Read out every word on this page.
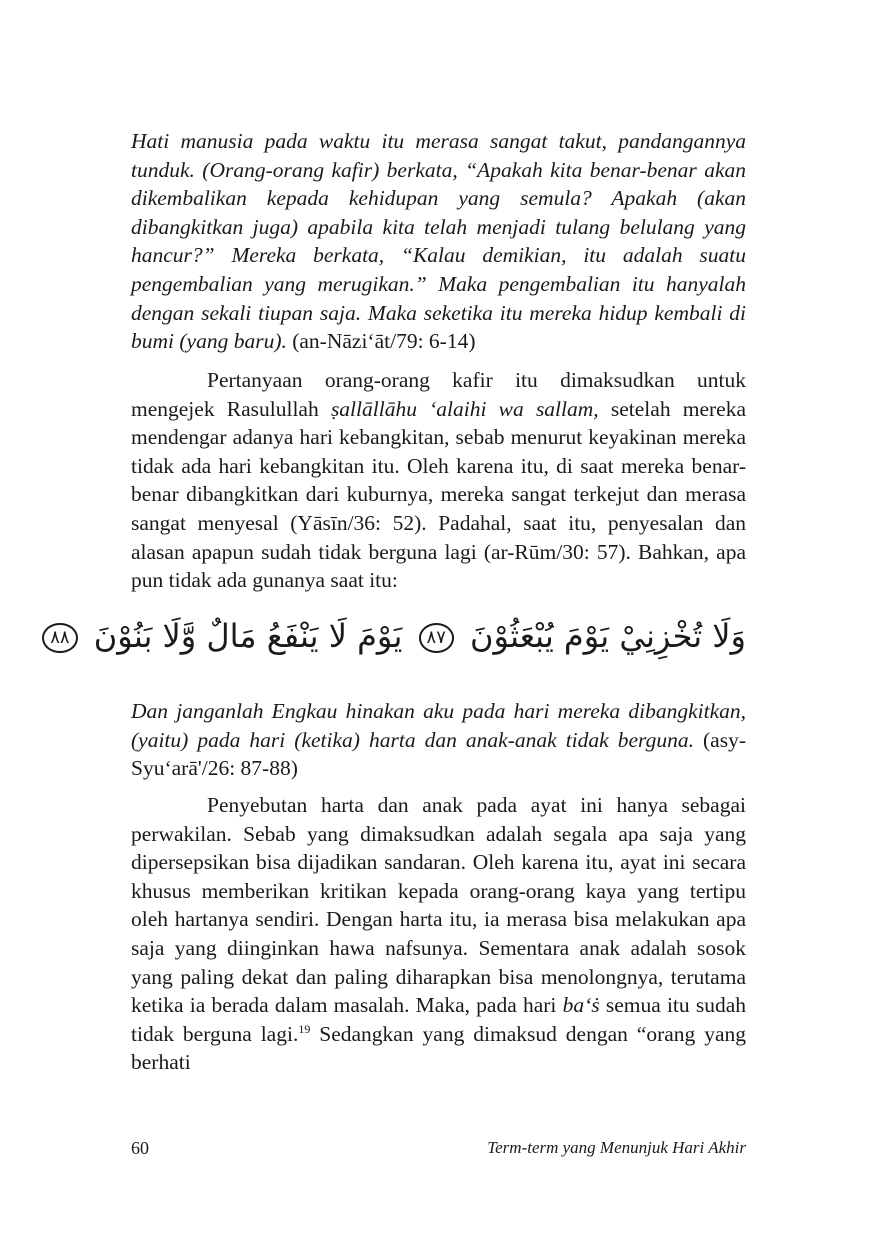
Hati manusia pada waktu itu merasa sangat takut, pandangannya tunduk. (Orang-orang kafir) berkata, “Apakah kita benar-benar akan dikembalikan kepada kehidupan yang semula? Apakah (akan dibangkitkan juga) apabila kita telah menjadi tulang belulang yang hancur?” Mereka berkata, “Kalau demikian, itu adalah suatu pengembalian yang merugikan.” Maka pengembalian itu hanyalah dengan sekali tiupan saja. Maka seketika itu mereka hidup kembali di bumi (yang baru). (an-Nāzi‘āt/79: 6-14)
Pertanyaan orang-orang kafir itu dimaksudkan untuk mengejek Rasulullah ṣallāllāhu ‘alaihi wa sallam, setelah mereka mendengar adanya hari kebangkitan, sebab menurut keyakinan mereka tidak ada hari kebangkitan itu. Oleh karena itu, di saat mereka benar-benar dibangkitkan dari kuburnya, mereka sangat terkejut dan merasa sangat menyesal (Yāsīn/36: 52). Padahal, saat itu, penyesalan dan alasan apapun sudah tidak berguna lagi (ar-Rūm/30: 57). Bahkan, apa pun tidak ada gunanya saat itu:
وَلَا تُخْزِنِيْ يَوْمَ يُبْعَثُوْنَ ٨٧ يَوْمَ لَا يَنْفَعُ مَالٌ وَّلَا بَنُوْنَ ٨٨
Dan janganlah Engkau hinakan aku pada hari mereka dibangkitkan, (yaitu) pada hari (ketika) harta dan anak-anak tidak berguna. (asy-Syu‘arā'/26: 87-88)
Penyebutan harta dan anak pada ayat ini hanya sebagai perwakilan. Sebab yang dimaksudkan adalah segala apa saja yang dipersepsikan bisa dijadikan sandaran. Oleh karena itu, ayat ini secara khusus memberikan kritikan kepada orang-orang kaya yang tertipu oleh hartanya sendiri. Dengan harta itu, ia merasa bisa melakukan apa saja yang diinginkan hawa nafsunya. Sementara anak adalah sosok yang paling dekat dan paling diharapkan bisa menolongnya, terutama ketika ia berada dalam masalah. Maka, pada hari ba‘ṡ semua itu sudah tidak berguna lagi.$^{19}$ Sedangkan yang dimaksud dengan “orang yang berhati
60	Term-term yang Menunjuk Hari Akhir
